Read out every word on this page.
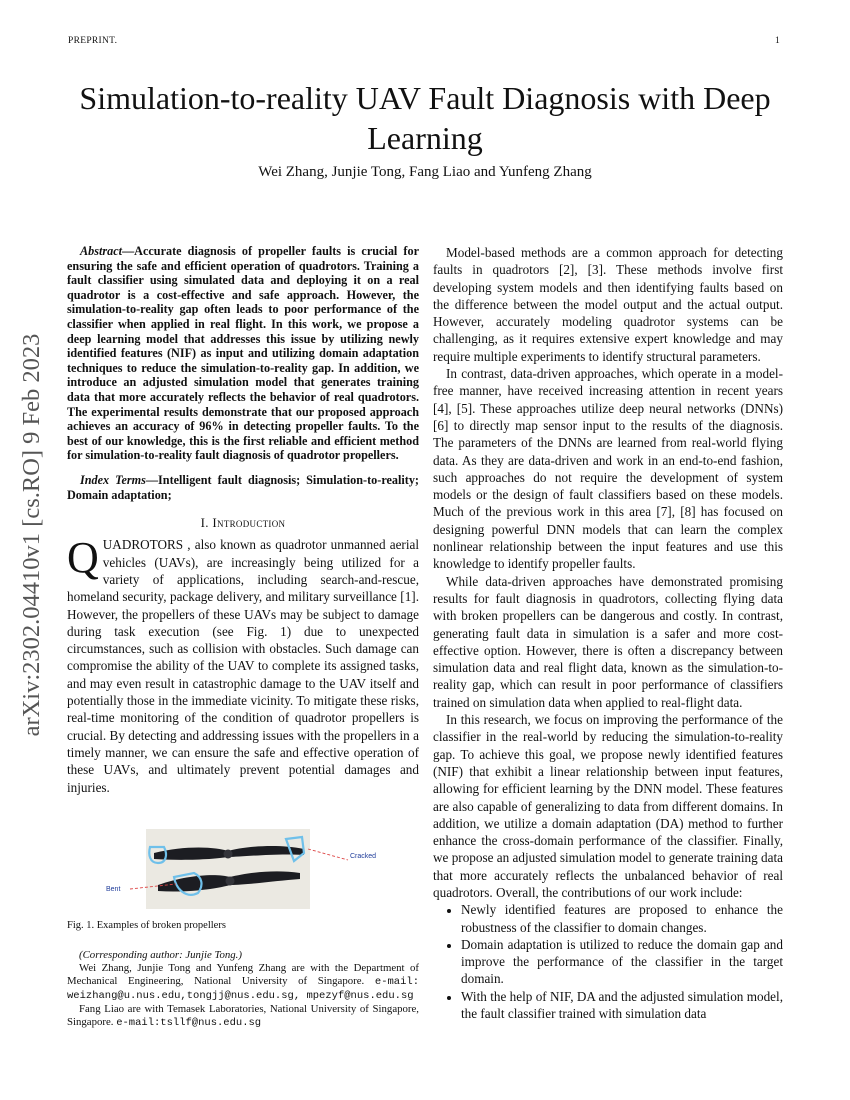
PREPRINT.	1
arXiv:2302.04410v1 [cs.RO] 9 Feb 2023
Simulation-to-reality UAV Fault Diagnosis with Deep Learning
Wei Zhang, Junjie Tong, Fang Liao and Yunfeng Zhang

Abstract—Accurate diagnosis of propeller faults is crucial for ensuring the safe and efficient operation of quadrotors. Training a fault classifier using simulated data and deploying it on a real quadrotor is a cost-effective and safe approach. However, the simulation-to-reality gap often leads to poor performance of the classifier when applied in real flight. In this work, we propose a deep learning model that addresses this issue by utilizing newly identified features (NIF) as input and utilizing domain adaptation techniques to reduce the simulation-to-reality gap. In addition, we introduce an adjusted simulation model that generates training data that more accurately reflects the behavior of real quadrotors. The experimental results demonstrate that our proposed approach achieves an accuracy of 96% in detecting propeller faults. To the best of our knowledge, this is the first reliable and efficient method for simulation-to-reality fault diagnosis of quadrotor propellers.

Index Terms—Intelligent fault diagnosis; Simulation-to-reality; Domain adaptation;

I. Introduction

QUADROTORS , also known as quadrotor unmanned aerial vehicles (UAVs), are increasingly being utilized for a variety of applications, including search-and-rescue, homeland security, package delivery, and military surveillance [1]. However, the propellers of these UAVs may be subject to damage during task execution (see Fig. 1) due to unexpected circumstances, such as collision with obstacles. Such damage can compromise the ability of the UAV to complete its assigned tasks, and may even result in catastrophic damage to the UAV itself and potentially those in the immediate vicinity. To mitigate these risks, real-time monitoring of the condition of quadrotor propellers is crucial. By detecting and addressing issues with the propellers in a timely manner, we can ensure the safe and effective operation of these UAVs, and ultimately prevent potential damages and injuries.

Cracked
Bent
Fig. 1. Examples of broken propellers
(Corresponding author: Junjie Tong.)
Wei Zhang, Junjie Tong and Yunfeng Zhang are with the Department of Mechanical Engineering, National University of Singapore. e-mail: weizhang@u.nus.edu,tongjj@nus.edu.sg, mpezyf@nus.edu.sg
Fang Liao are with Temasek Laboratories, National University of Singapore, Singapore. e-mail:tsllf@nus.edu.sg

Model-based methods are a common approach for detecting faults in quadrotors [2], [3]. These methods involve first developing system models and then identifying faults based on the difference between the model output and the actual output. However, accurately modeling quadrotor systems can be challenging, as it requires extensive expert knowledge and may require multiple experiments to identify structural parameters.

In contrast, data-driven approaches, which operate in a model-free manner, have received increasing attention in recent years [4], [5]. These approaches utilize deep neural networks (DNNs) [6] to directly map sensor input to the results of the diagnosis. The parameters of the DNNs are learned from real-world flying data. As they are data-driven and work in an end-to-end fashion, such approaches do not require the development of system models or the design of fault classifiers based on these models. Much of the previous work in this area [7], [8] has focused on designing powerful DNN models that can learn the complex nonlinear relationship between the input features and use this knowledge to identify propeller faults.

While data-driven approaches have demonstrated promising results for fault diagnosis in quadrotors, collecting flying data with broken propellers can be dangerous and costly. In contrast, generating fault data in simulation is a safer and more cost-effective option. However, there is often a discrepancy between simulation data and real flight data, known as the simulation-to-reality gap, which can result in poor performance of classifiers trained on simulation data when applied to real-flight data.

In this research, we focus on improving the performance of the classifier in the real-world by reducing the simulation-to-reality gap. To achieve this goal, we propose newly identified features (NIF) that exhibit a linear relationship between input features, allowing for efficient learning by the DNN model. These features are also capable of generalizing to data from different domains. In addition, we utilize a domain adaptation (DA) method to further enhance the cross-domain performance of the classifier. Finally, we propose an adjusted simulation model to generate training data that more accurately reflects the unbalanced behavior of real quadrotors. Overall, the contributions of our work include:

• Newly identified features are proposed to enhance the robustness of the classifier to domain changes.
• Domain adaptation is utilized to reduce the domain gap and improve the performance of the classifier in the target domain.
• With the help of NIF, DA and the adjusted simulation model, the fault classifier trained with simulation data
